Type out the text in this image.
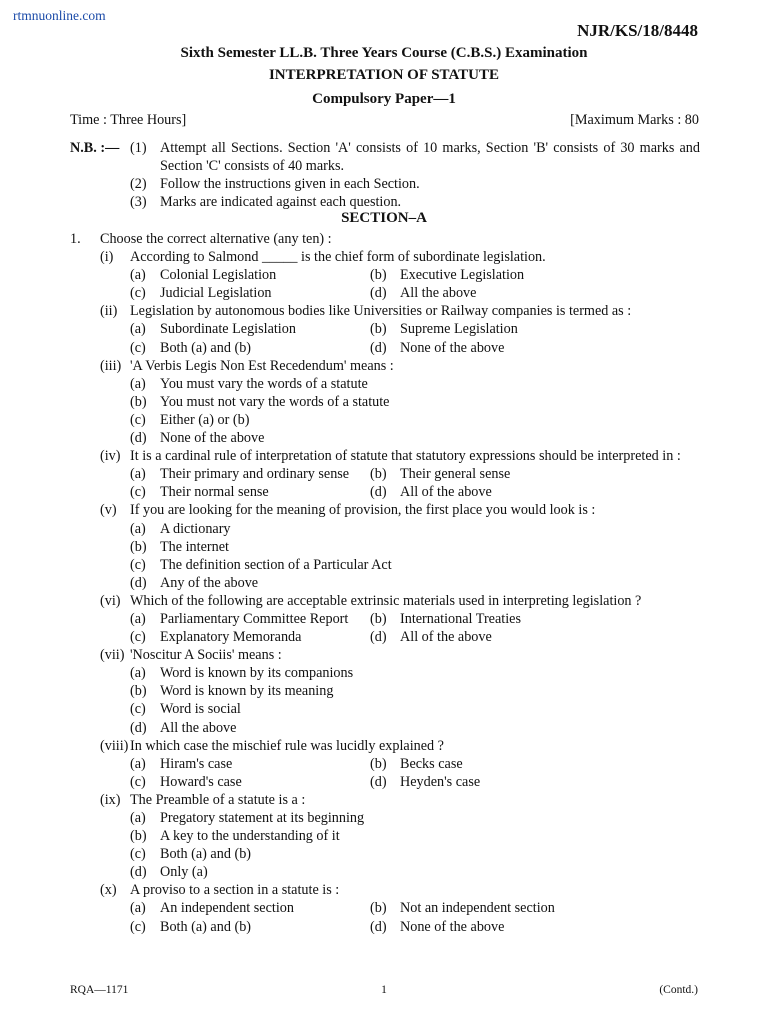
rtmnuonline.com
NJR/KS/18/8448
Sixth Semester LL.B. Three Years Course (C.B.S.) Examination
INTERPRETATION OF STATUTE
Compulsory Paper—1
Time : Three Hours]	[Maximum Marks : 80
N.B. :— (1) Attempt all Sections. Section 'A' consists of 10 marks, Section 'B' consists of 30 marks and Section 'C' consists of 40 marks.
(2) Follow the instructions given in each Section.
(3) Marks are indicated against each question.
SECTION–A
1.	Choose the correct alternative (any ten) :
(i)	According to Salmond _____ is the chief form of subordinate legislation.
(a)	Colonial Legislation	(b) Executive Legislation
(c)	Judicial Legislation	(d) All the above
(ii) Legislation by autonomous bodies like Universities or Railway companies is termed as :
(a)	Subordinate Legislation	(b) Supreme Legislation
(c)	Both (a) and (b)	(d) None of the above
(iii) 'A Verbis Legis Non Est Recedendum' means :
(a)	You must vary the words of a statute
(b) You must not vary the words of a statute
(c)	Either (a) or (b)
(d) None of the above
(iv) It is a cardinal rule of interpretation of statute that statutory expressions should be interpreted in :
(a)	Their primary and ordinary sense (b) Their general sense
(c)	Their normal sense	(d) All of the above
(v) If you are looking for the meaning of provision, the first place you would look is :
(a)	A dictionary
(b) The internet
(c)	The definition section of a Particular Act
(d) Any of the above
(vi) Which of the following are acceptable extrinsic materials used in interpreting legislation ?
(a)	Parliamentary Committee Report (b) International Treaties
(c)	Explanatory Memoranda	(d) All of the above
(vii) 'Noscitur A Sociis' means :
(a)	Word is known by its companions
(b) Word is known by its meaning
(c)	Word is social
(d) All the above
(viii) In which case the mischief rule was lucidly explained ?
(a)	Hiram's case	(b) Becks case
(c)	Howard's case	(d) Heyden's case
(ix) The Preamble of a statute is a :
(a)	Pregatory statement at its beginning
(b) A key to the understanding of it
(c)	Both (a) and (b)
(d) Only (a)
(x) A proviso to a section in a statute is :
(a)	An independent section	(b) Not an independent section
(c)	Both (a) and (b)	(d) None of the above
RQA—1171	1	(Contd.)
